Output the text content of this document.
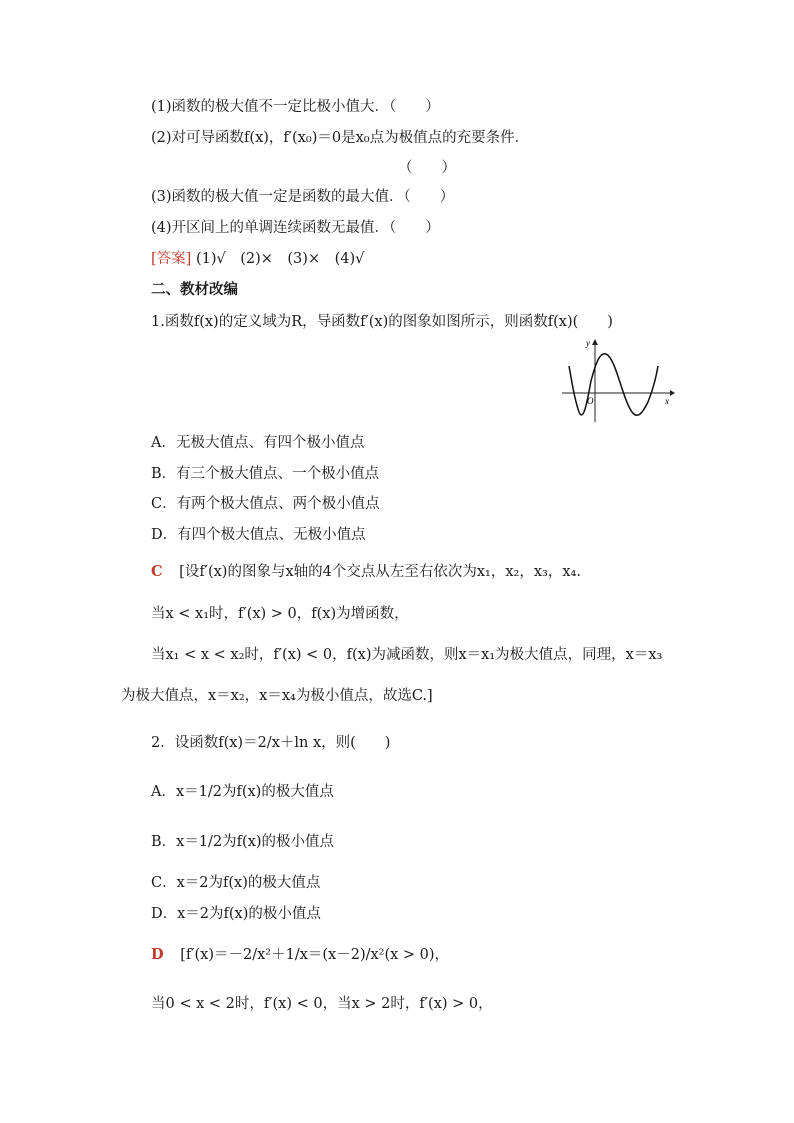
(1)函数的极大值不一定比极小值大．（　　）
(2)对可导函数f(x)，f′(x₀)＝0是x₀点为极值点的充要条件．
（　　）
(3)函数的极大值一定是函数的最大值．（　　）
(4)开区间上的单调连续函数无最值．（　　）
[答案] (1)√　(2)×　(3)×　(4)√
二、教材改编
1.函数f(x)的定义域为R，导函数f′(x)的图象如图所示，则函数f(x)(　　)
y
x
O
A．无极大值点、有四个极小值点
B．有三个极大值点、一个极小值点
C．有两个极大值点、两个极小值点
D．有四个极大值点、无极小值点
C [设f′(x)的图象与x轴的4个交点从左至右依次为x₁，x₂，x₃，x₄.
当x < x₁时，f′(x) > 0，f(x)为增函数，
当x₁ < x < x₂时，f′(x) < 0，f(x)为减函数，则x＝x₁为极大值点，同理，x＝x₃
为极大值点，x＝x₂，x＝x₄为极小值点，故选C.]
2．设函数f(x)＝2/x＋ln x，则(　　)
A．x＝1/2为f(x)的极大值点
B．x＝1/2为f(x)的极小值点
C．x＝2为f(x)的极大值点
D．x＝2为f(x)的极小值点
D [f′(x)＝－2/x²＋1/x＝(x－2)/x²(x > 0)，
当0 < x < 2时，f′(x) < 0，当x > 2时，f′(x) > 0，
